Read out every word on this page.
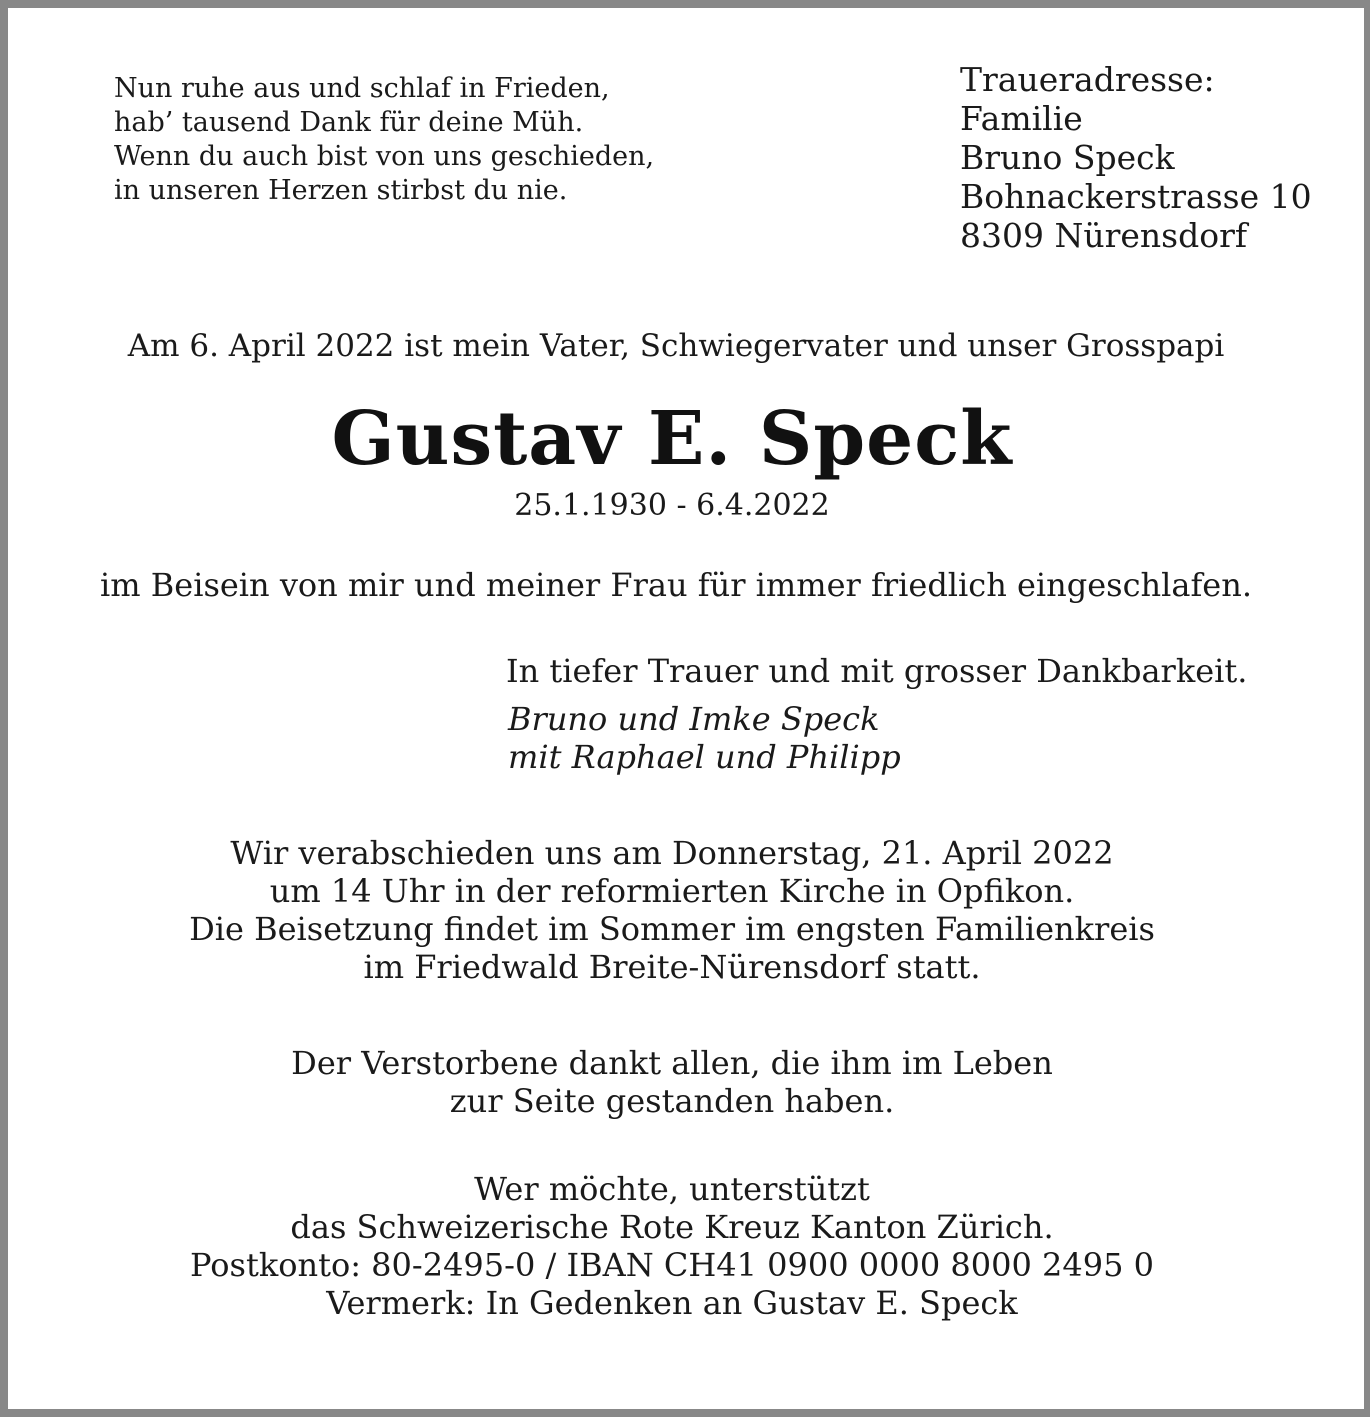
Nun ruhe aus und schlaf in Frieden,
hab’ tausend Dank für deine Müh.
Wenn du auch bist von uns geschieden,
in unseren Herzen stirbst du nie.
Traueradresse:
Familie
Bruno Speck
Bohnackerstrasse 10
8309 Nürensdorf
Am 6. April 2022 ist mein Vater, Schwiegervater und unser Grosspapi
Gustav E. Speck
25.1.1930 - 6.4.2022
im Beisein von mir und meiner Frau für immer friedlich eingeschlafen.
In tiefer Trauer und mit grosser Dankbarkeit.
Bruno und Imke Speck
mit Raphael und Philipp
Wir verabschieden uns am Donnerstag, 21. April 2022
um 14 Uhr in der reformierten Kirche in Opfikon.
Die Beisetzung findet im Sommer im engsten Familienkreis
im Friedwald Breite-Nürensdorf statt.
Der Verstorbene dankt allen, die ihm im Leben
zur Seite gestanden haben.
Wer möchte, unterstützt
das Schweizerische Rote Kreuz Kanton Zürich.
Postkonto: 80-2495-0 / IBAN CH41 0900 0000 8000 2495 0
Vermerk: In Gedenken an Gustav E. Speck
